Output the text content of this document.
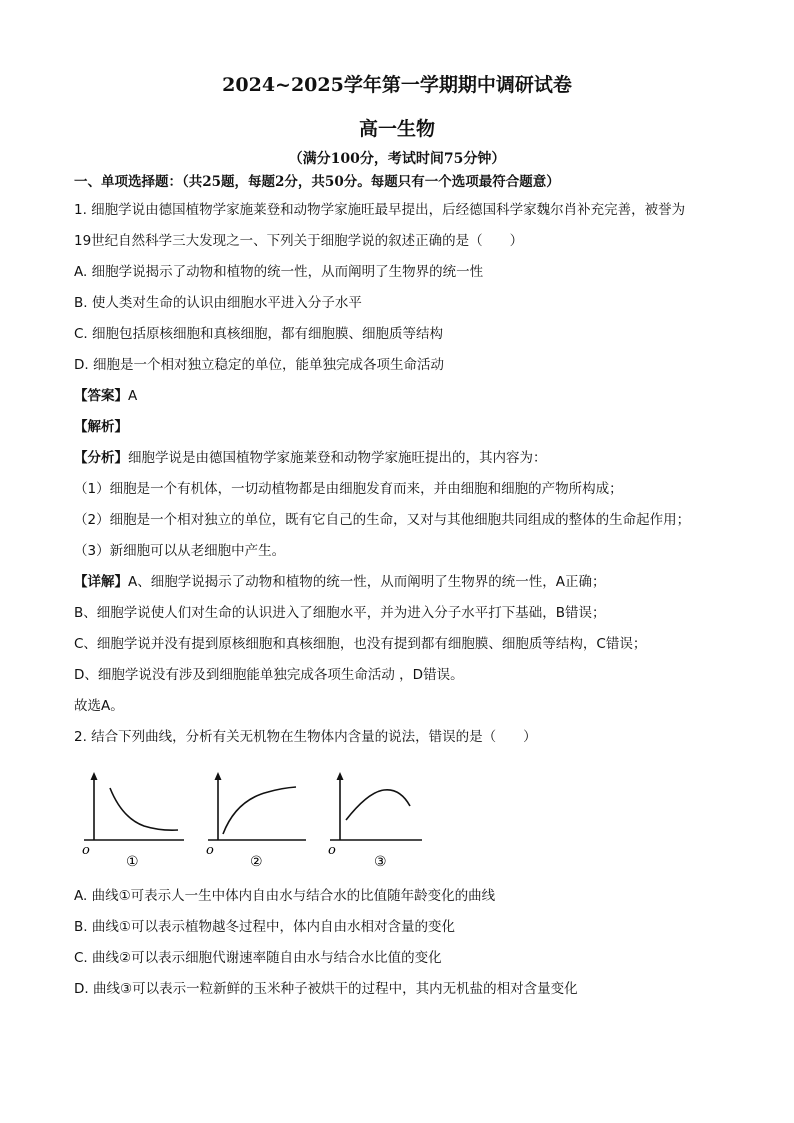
2024~2025学年第一学期期中调研试卷
高一生物
（满分100分，考试时间75分钟）
一、单项选择题：（共25题，每题2分，共50分。每题只有一个选项最符合题意）
1. 细胞学说由德国植物学家施莱登和动物学家施旺最早提出，后经德国科学家魏尔肖补充完善，被誉为
19世纪自然科学三大发现之一、下列关于细胞学说的叙述正确的是（　　）
A. 细胞学说揭示了动物和植物的统一性，从而阐明了生物界的统一性
B. 使人类对生命的认识由细胞水平进入分子水平
C. 细胞包括原核细胞和真核细胞，都有细胞膜、细胞质等结构
D. 细胞是一个相对独立稳定的单位，能单独完成各项生命活动
【答案】A
【解析】
【分析】细胞学说是由德国植物学家施莱登和动物学家施旺提出的，其内容为：
（1）细胞是一个有机体，一切动植物都是由细胞发育而来，并由细胞和细胞的产物所构成；
（2）细胞是一个相对独立的单位，既有它自己的生命，又对与其他细胞共同组成的整体的生命起作用；
（3）新细胞可以从老细胞中产生。
【详解】A、细胞学说揭示了动物和植物的统一性，从而阐明了生物界的统一性，A正确；
B、细胞学说使人们对生命的认识进入了细胞水平，并为进入分子水平打下基础，B错误；
C、细胞学说并没有提到原核细胞和真核细胞，也没有提到都有细胞膜、细胞质等结构，C错误；
D、细胞学说没有涉及到细胞能单独完成各项生命活动 ，D错误。
故选A。
2. 结合下列曲线，分析有关无机物在生物体内含量的说法，错误的是（　　）
o
①
o
②
o
③
A. 曲线①可表示人一生中体内自由水与结合水的比值随年龄变化的曲线
B. 曲线①可以表示植物越冬过程中，体内自由水相对含量的变化
C. 曲线②可以表示细胞代谢速率随自由水与结合水比值的变化
D. 曲线③可以表示一粒新鲜的玉米种子被烘干的过程中，其内无机盐的相对含量变化
